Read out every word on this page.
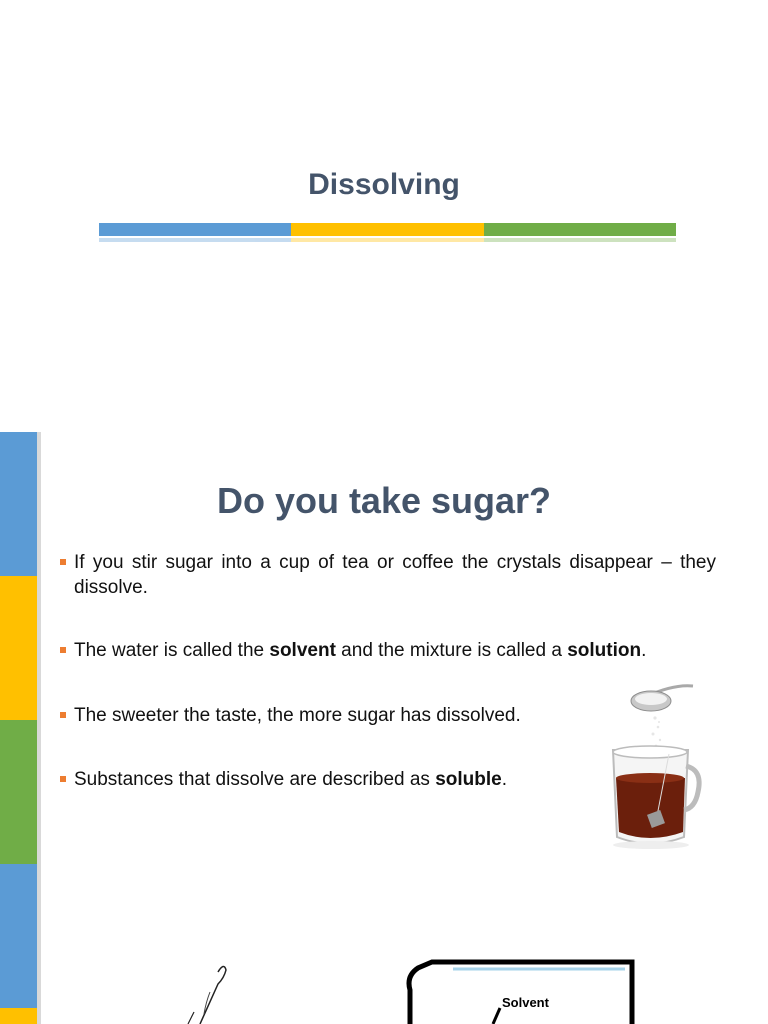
Dissolving
Do you take sugar?
If you stir sugar into a cup of tea or coffee the crystals disappear – they dissolve.
The water is called the solvent and the mixture is called a solution.
The sweeter the taste, the more sugar has dissolved.
Substances that dissolve are described as soluble.
Solvent
